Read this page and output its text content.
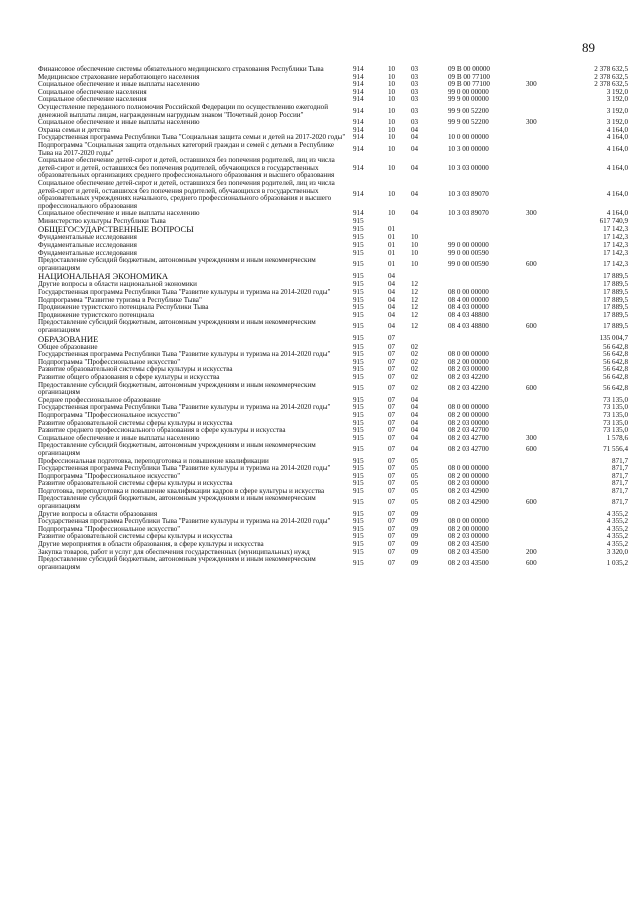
89
Финансовое обеспечение системы обязательного медицинского страхования Республики Тыва	914	10	03	09 В 00 00000		2 378 632,5
Медицинское страхование неработающего населения	914	10	03	09 В 00 77100		2 378 632,5
Социальное обеспечение и иные выплаты населению	914	10	03	09 В 00 77100	300	2 378 632,5
Социальное обеспечение населения	914	10	03	99 0 00 00000		3 192,0
Социальное обеспечение населения	914	10	03	99 9 00 00000		3 192,0
Осуществление переданного полномочия Российской Федерации по осуществлению ежегодной денежной выплаты лицам, награжденным нагрудным знаком "Почетный донор России"	914	10	03	99 9 00 52200		3 192,0
Социальное обеспечение и иные выплаты населению	914	10	03	99 9 00 52200	300	3 192,0
Охрана семьи и детства	914	10	04			4 164,0
Государственная программа Республики Тыва "Социальная защита семьи и детей на 2017-2020 годы"	914	10	04	10 0 00 00000		4 164,0
Подпрограмма "Социальная защита отдельных категорий граждан и семей с детьми в Республике Тыва на 2017-2020 годы"	914	10	04	10 3 00 00000		4 164,0
Социальное обеспечение детей-сирот и детей, оставшихся без попечения родителей, лиц из числа детей-сирот и детей, оставшихся без попечения родителей, обучающихся в государственных образовательных организациях среднего профессионального образования и высшего образования	914	10	04	10 3 03 00000		4 164,0
Социальное обеспечение детей-сирот и детей, оставшихся без попечения родителей, лиц из числа детей-сирот и детей, оставшихся без попечения родителей, обучающихся в государственных образовательных учреждениях начального, среднего профессионального образования и высшего профессионального образования	914	10	04	10 3 03 89070		4 164,0
Социальное обеспечение и иные выплаты населению	914	10	04	10 3 03 89070	300	4 164,0
Министерство культуры Республики Тыва	915					617 740,9
ОБЩЕГОСУДАРСТВЕННЫЕ ВОПРОСЫ	915	01				17 142,3
Фундаментальные исследования	915	01	10			17 142,3
Фундаментальные исследования	915	01	10	99 0 00 00000		17 142,3
Фундаментальные исследования	915	01	10	99 0 00 00590		17 142,3
Предоставление субсидий бюджетным, автономным учреждениям и иным некоммерческим организациям	915	01	10	99 0 00 00590	600	17 142,3
НАЦИОНАЛЬНАЯ ЭКОНОМИКА	915	04				17 889,5
Другие вопросы в области национальной экономики	915	04	12			17 889,5
Государственная программа Республики Тыва "Развитие культуры и туризма на 2014-2020 годы"	915	04	12	08 0 00 00000		17 889,5
Подпрограмма "Развитие туризма в Республике Тыва"	915	04	12	08 4 00 00000		17 889,5
Продвижение туристского потенциала Республики Тыва	915	04	12	08 4 03 00000		17 889,5
Продвижение туристского потенциала	915	04	12	08 4 03 48800		17 889,5
Предоставление субсидий бюджетным, автономным учреждениям и иным некоммерческим организациям	915	04	12	08 4 03 48800	600	17 889,5
ОБРАЗОВАНИЕ	915	07				135 004,7
Общее образование	915	07	02			56 642,8
Государственная программа Республики Тыва "Развитие культуры и туризма на 2014-2020 годы"	915	07	02	08 0 00 00000		56 642,8
Подпрограмма "Профессиональное искусство"	915	07	02	08 2 00 00000		56 642,8
Развитие образовательной системы сферы культуры и искусства	915	07	02	08 2 03 00000		56 642,8
Развитие общего образования в сфере культуры и искусства	915	07	02	08 2 03 42200		56 642,8
Предоставление субсидий бюджетным, автономным учреждениям и иным некоммерческим организациям	915	07	02	08 2 03 42200	600	56 642,8
Среднее профессиональное образование	915	07	04			73 135,0
Государственная программа Республики Тыва "Развитие культуры и туризма на 2014-2020 годы"	915	07	04	08 0 00 00000		73 135,0
Подпрограмма "Профессиональное искусство"	915	07	04	08 2 00 00000		73 135,0
Развитие образовательной системы сферы культуры и искусства	915	07	04	08 2 03 00000		73 135,0
Развитие среднего профессионального образования в сфере культуры и искусства	915	07	04	08 2 03 42700		73 135,0
Социальное обеспечение и иные выплаты населению	915	07	04	08 2 03 42700	300	1 578,6
Предоставление субсидий бюджетным, автономным учреждениям и иным некоммерческим организациям	915	07	04	08 2 03 42700	600	71 556,4
Профессиональная подготовка, переподготовка и повышение квалификации	915	07	05			871,7
Государственная программа Республики Тыва "Развитие культуры и туризма на 2014-2020 годы"	915	07	05	08 0 00 00000		871,7
Подпрограмма "Профессиональное искусство"	915	07	05	08 2 00 00000		871,7
Развитие образовательной системы сферы культуры и искусства	915	07	05	08 2 03 00000		871,7
Подготовка, переподготовка и повышение квалификации кадров в сфере культуры и искусства	915	07	05	08 2 03 42900		871,7
Предоставление субсидий бюджетным, автономным учреждениям и иным некоммерческим организациям	915	07	05	08 2 03 42900	600	871,7
Другие вопросы в области образования	915	07	09			4 355,2
Государственная программа Республики Тыва "Развитие культуры и туризма на 2014-2020 годы"	915	07	09	08 0 00 00000		4 355,2
Подпрограмма "Профессиональное искусство"	915	07	09	08 2 00 00000		4 355,2
Развитие образовательной системы сферы культуры и искусства	915	07	09	08 2 03 00000		4 355,2
Другие мероприятия в области образования, в сфере культуры и искусства	915	07	09	08 2 03 43500		4 355,2
Закупка товаров, работ и услуг для обеспечения государственных (муниципальных) нужд	915	07	09	08 2 03 43500	200	3 320,0
Предоставление субсидий бюджетным, автономным учреждениям и иным некоммерческим организациям	915	07	09	08 2 03 43500	600	1 035,2
